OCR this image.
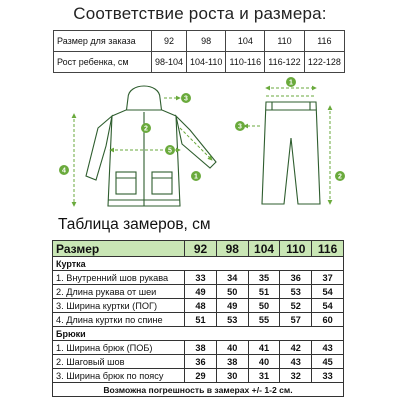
Соответствие роста и размера:
Размер для заказа	92	98	104	110	116
Рост ребенка, см	98-104	104-110	110-116	116-122	122-128
3
2
1
5
4
1
3
2
Таблица замеров, см
Размер	92	98	104	110	116
Куртка					
1. Внутренний шов рукава	33	34	35	36	37
2. Длина рукава от шеи	49	50	51	53	54
3. Ширина куртки (ПОГ)	48	49	50	52	54
4. Длина куртки по спине	51	53	55	57	60
Брюки					
1. Ширина брюк (ПОБ)	38	40	41	42	43
2. Шаговый шов	36	38	40	43	45
3. Ширина брюк по поясу	29	30	31	32	33
Возможна погрешность в замерах +/- 1-2 см.					
